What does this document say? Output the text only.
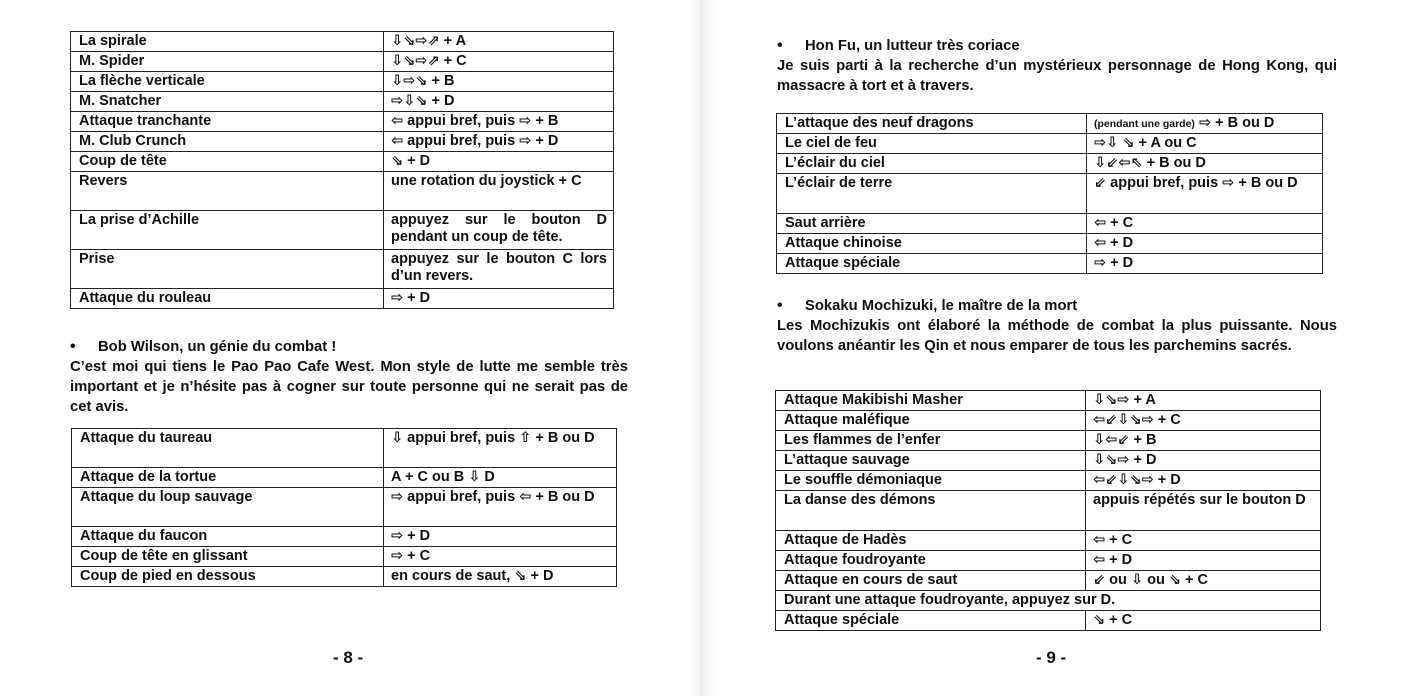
La spirale	⇩⇘⇨⇗ + A
M. Spider	⇩⇘⇨⇗ + C
La flèche verticale	⇩⇨⇘ + B
M. Snatcher	⇨⇩⇘ + D
Attaque tranchante	⇦ appui bref, puis ⇨ + B
M. Club Crunch	⇦ appui bref, puis ⇨ + D
Coup de tête	⇘ + D
Revers	une rotation du joystick + C
La prise d’Achille	appuyez sur le bouton D pendant un coup de tête.
Prise	appuyez sur le bouton C lors d’un revers.
Attaque du rouleau	⇨ + D
• Bob Wilson, un génie du combat !
C’est moi qui tiens le Pao Pao Cafe West. Mon style de lutte me semble très important et je n’hésite pas à cogner sur toute personne qui ne serait pas de cet avis.
Attaque du taureau	⇩ appui bref, puis ⇧ + B ou D
Attaque de la tortue	A + C ou B ⇩ D
Attaque du loup sauvage	⇨ appui bref, puis ⇦ + B ou D
Attaque du faucon	⇨ + D
Coup de tête en glissant	⇨ + C
Coup de pied en dessous	en cours de saut, ⇘ + D
- 8 -
• Hon Fu, un lutteur très coriace
Je suis parti à la recherche d’un mystérieux personnage de Hong Kong, qui massacre à tort et à travers.
L’attaque des neuf dragons	(pendant une garde) ⇨ + B ou D
Le ciel de feu	⇨⇩ ⇘ + A ou C
L’éclair du ciel	⇩⇙⇦⇖ + B ou D
L’éclair de terre	⇙ appui bref, puis ⇨ + B ou D
Saut arrière	⇦ + C
Attaque chinoise	⇦ + D
Attaque spéciale	⇨ + D
• Sokaku Mochizuki, le maître de la mort
Les Mochizukis ont élaboré la méthode de combat la plus puissante. Nous voulons anéantir les Qin et nous emparer de tous les parchemins sacrés.
Attaque Makibishi Masher	⇩⇘⇨ + A
Attaque maléfique	⇦⇙⇩⇘⇨ + C
Les flammes de l’enfer	⇩⇦⇙ + B
L’attaque sauvage	⇩⇘⇨ + D
Le souffle démoniaque	⇦⇙⇩⇘⇨ + D
La danse des démons	appuis répétés sur le bouton D
Attaque de Hadès	⇦ + C
Attaque foudroyante	⇦ + D
Attaque en cours de saut	⇙ ou ⇩ ou ⇘ + C
Durant une attaque foudroyante, appuyez sur D.	
Attaque spéciale	⇘ + C
- 9 -
